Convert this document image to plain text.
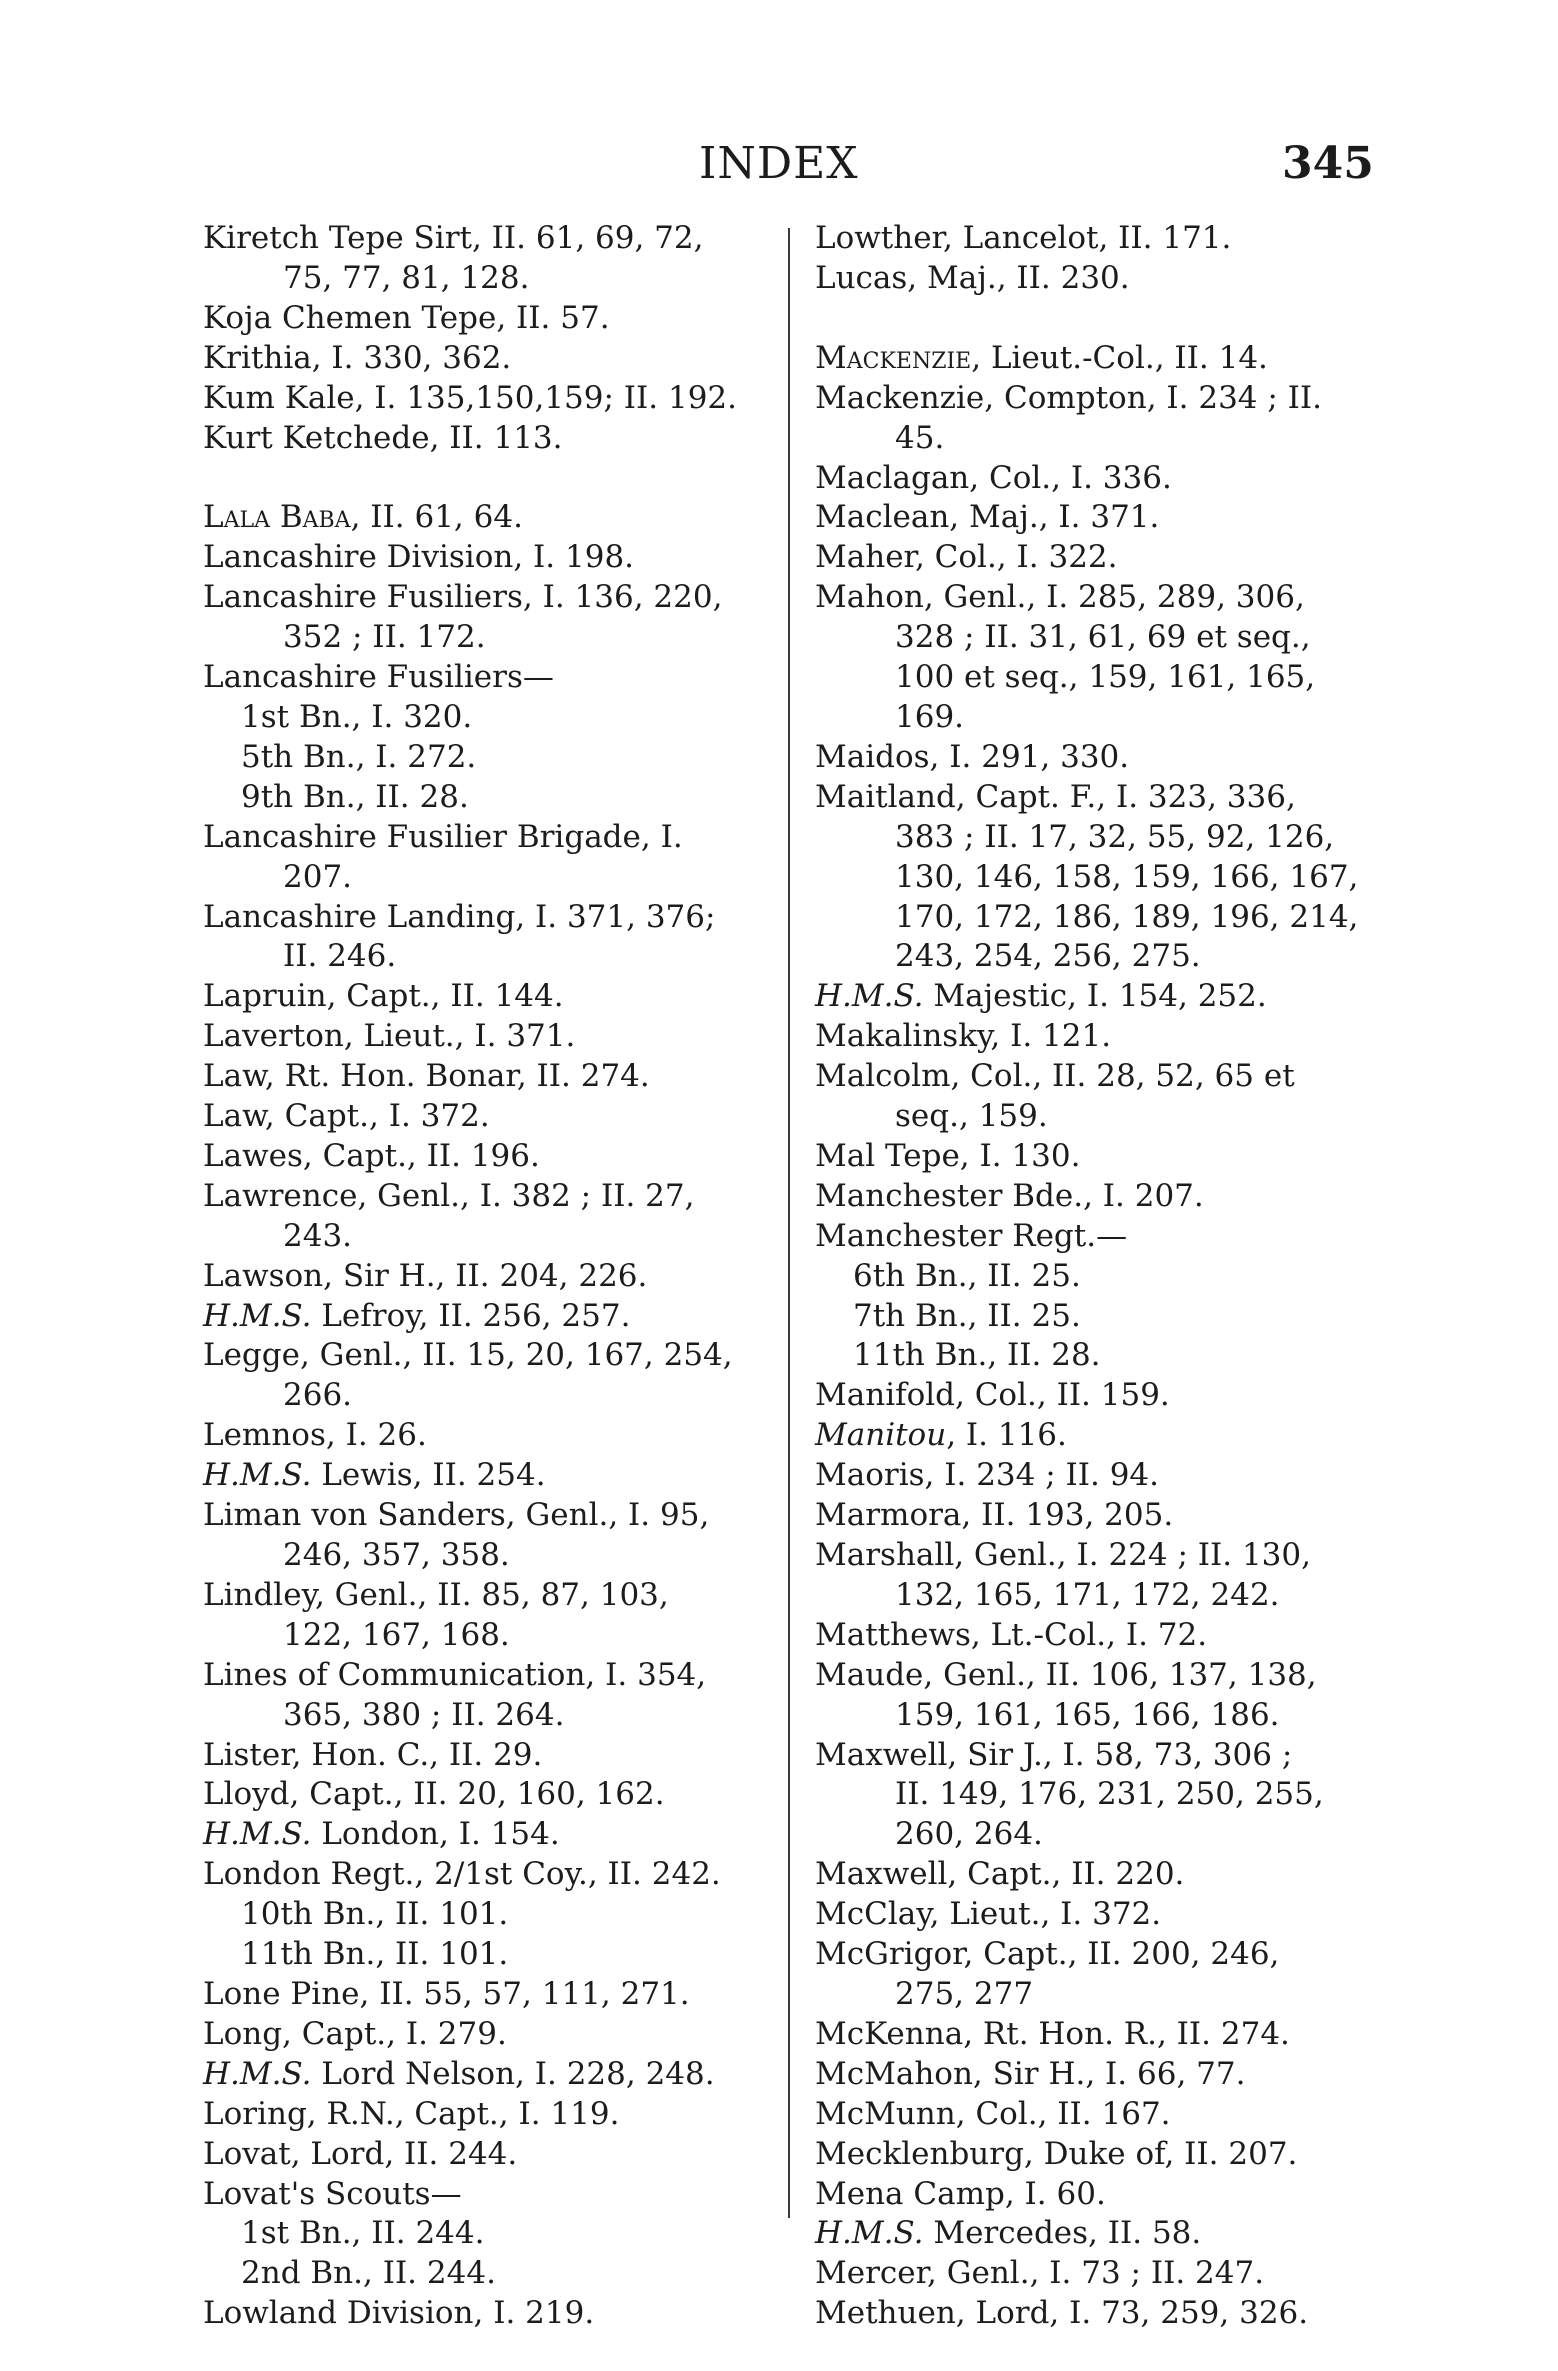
INDEX	345
Kiretch Tepe Sirt, II. 61, 69, 72,
75, 77, 81, 128.
Koja Chemen Tepe, II. 57.
Krithia, I. 330, 362.
Kum Kale, I. 135,150,159; II. 192.
Kurt Ketchede, II. 113.
Lala Baba, II. 61, 64.
Lancashire Division, I. 198.
Lancashire Fusiliers, I. 136, 220,
352 ; II. 172.
Lancashire Fusiliers—
1st Bn., I. 320.
5th Bn., I. 272.
9th Bn., II. 28.
Lancashire Fusilier Brigade, I.
207.
Lancashire Landing, I. 371, 376;
II. 246.
Lapruin, Capt., II. 144.
Laverton, Lieut., I. 371.
Law, Rt. Hon. Bonar, II. 274.
Law, Capt., I. 372.
Lawes, Capt., II. 196.
Lawrence, Genl., I. 382 ; II. 27,
243.
Lawson, Sir H., II. 204, 226.
H.M.S. Lefroy, II. 256, 257.
Legge, Genl., II. 15, 20, 167, 254,
266.
Lemnos, I. 26.
H.M.S. Lewis, II. 254.
Liman von Sanders, Genl., I. 95,
246, 357, 358.
Lindley, Genl., II. 85, 87, 103,
122, 167, 168.
Lines of Communication, I. 354,
365, 380 ; II. 264.
Lister, Hon. C., II. 29.
Lloyd, Capt., II. 20, 160, 162.
H.M.S. London, I. 154.
London Regt., 2/1st Coy., II. 242.
10th Bn., II. 101.
11th Bn., II. 101.
Lone Pine, II. 55, 57, 111, 271.
Long, Capt., I. 279.
H.M.S. Lord Nelson, I. 228, 248.
Loring, R.N., Capt., I. 119.
Lovat, Lord, II. 244.
Lovat's Scouts—
1st Bn., II. 244.
2nd Bn., II. 244.
Lowland Division, I. 219.
Lowther, Lancelot, II. 171.
Lucas, Maj., II. 230.
Mackenzie, Lieut.-Col., II. 14.
Mackenzie, Compton, I. 234 ; II.
45.
Maclagan, Col., I. 336.
Maclean, Maj., I. 371.
Maher, Col., I. 322.
Mahon, Genl., I. 285, 289, 306,
328 ; II. 31, 61, 69 et seq.,
100 et seq., 159, 161, 165,
169.
Maidos, I. 291, 330.
Maitland, Capt. F., I. 323, 336,
383 ; II. 17, 32, 55, 92, 126,
130, 146, 158, 159, 166, 167,
170, 172, 186, 189, 196, 214,
243, 254, 256, 275.
H.M.S. Majestic, I. 154, 252.
Makalinsky, I. 121.
Malcolm, Col., II. 28, 52, 65 et
seq., 159.
Mal Tepe, I. 130.
Manchester Bde., I. 207.
Manchester Regt.—
6th Bn., II. 25.
7th Bn., II. 25.
11th Bn., II. 28.
Manifold, Col., II. 159.
Manitou, I. 116.
Maoris, I. 234 ; II. 94.
Marmora, II. 193, 205.
Marshall, Genl., I. 224 ; II. 130,
132, 165, 171, 172, 242.
Matthews, Lt.-Col., I. 72.
Maude, Genl., II. 106, 137, 138,
159, 161, 165, 166, 186.
Maxwell, Sir J., I. 58, 73, 306 ;
II. 149, 176, 231, 250, 255,
260, 264.
Maxwell, Capt., II. 220.
McClay, Lieut., I. 372.
McGrigor, Capt., II. 200, 246,
275, 277
McKenna, Rt. Hon. R., II. 274.
McMahon, Sir H., I. 66, 77.
McMunn, Col., II. 167.
Mecklenburg, Duke of, II. 207.
Mena Camp, I. 60.
H.M.S. Mercedes, II. 58.
Mercer, Genl., I. 73 ; II. 247.
Methuen, Lord, I. 73, 259, 326.
